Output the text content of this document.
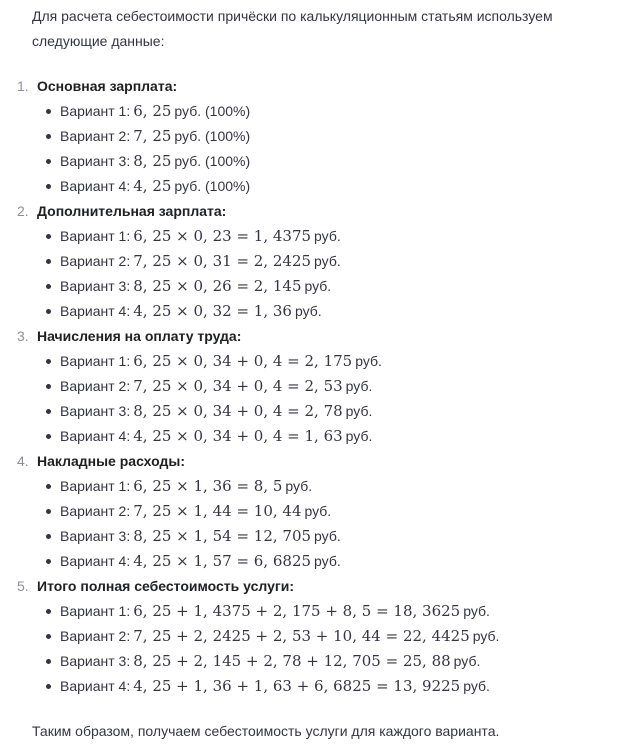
Для расчета себестоимости причёски по калькуляционным статьям используем следующие данные:

1. Основная зарплата:
Вариант 1: 6, 25 руб. (100%)
Вариант 2: 7, 25 руб. (100%)
Вариант 3: 8, 25 руб. (100%)
Вариант 4: 4, 25 руб. (100%)
2. Дополнительная зарплата:
Вариант 1: 6, 25 × 0, 23 = 1, 4375 руб.
Вариант 2: 7, 25 × 0, 31 = 2, 2425 руб.
Вариант 3: 8, 25 × 0, 26 = 2, 145 руб.
Вариант 4: 4, 25 × 0, 32 = 1, 36 руб.
3. Начисления на оплату труда:
Вариант 1: 6, 25 × 0, 34 + 0, 4 = 2, 175 руб.
Вариант 2: 7, 25 × 0, 34 + 0, 4 = 2, 53 руб.
Вариант 3: 8, 25 × 0, 34 + 0, 4 = 2, 78 руб.
Вариант 4: 4, 25 × 0, 34 + 0, 4 = 1, 63 руб.
4. Накладные расходы:
Вариант 1: 6, 25 × 1, 36 = 8, 5 руб.
Вариант 2: 7, 25 × 1, 44 = 10, 44 руб.
Вариант 3: 8, 25 × 1, 54 = 12, 705 руб.
Вариант 4: 4, 25 × 1, 57 = 6, 6825 руб.
5. Итого полная себестоимость услуги:
Вариант 1: 6, 25 + 1, 4375 + 2, 175 + 8, 5 = 18, 3625 руб.
Вариант 2: 7, 25 + 2, 2425 + 2, 53 + 10, 44 = 22, 4425 руб.
Вариант 3: 8, 25 + 2, 145 + 2, 78 + 12, 705 = 25, 88 руб.
Вариант 4: 4, 25 + 1, 36 + 1, 63 + 6, 6825 = 13, 9225 руб.

Таким образом, получаем себестоимость услуги для каждого варианта.
